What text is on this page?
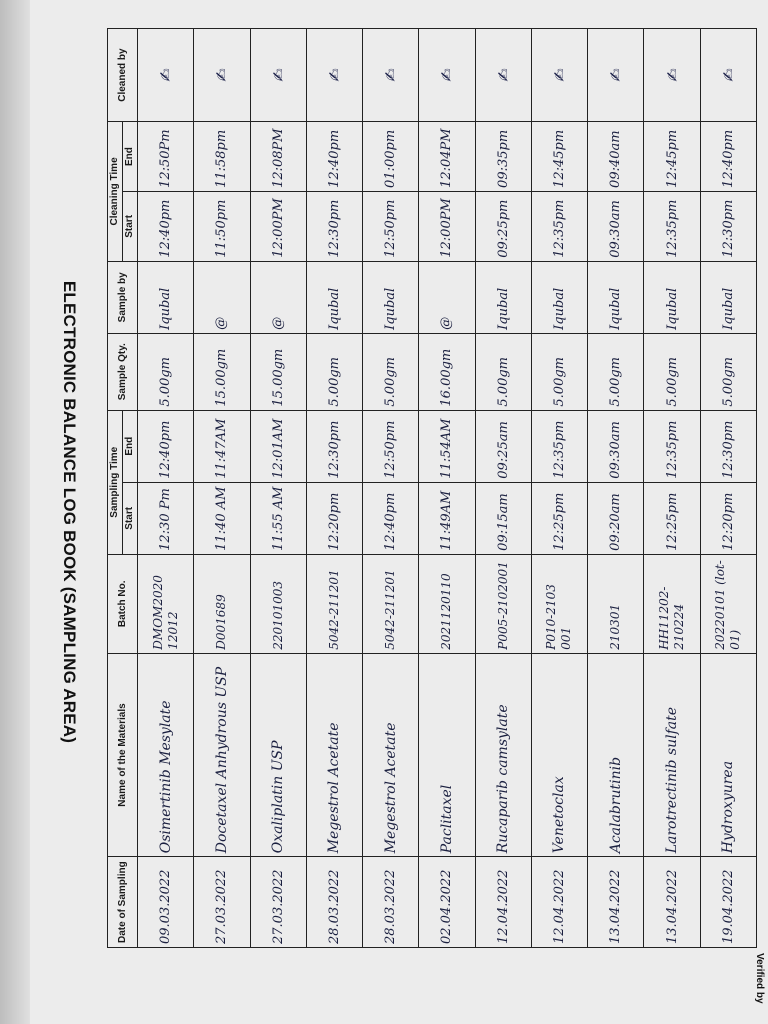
Verified by
Date of Sampling	Name of the Materials	Batch No.	Sampling Time		Sample Qty.	Sample by	Cleaning Time		Cleaned by
			Start	End			Start	End	
09.03.2022	Osimertinib Mesylate	DMOM2020 12012	12:30 Pm	12:40pm	5.00gm	Iqubal	12:40pm	12:50Pm	✍
27.03.2022	Docetaxel Anhydrous USP	D001689	11:40 AM	11:47AM	15.00gm	@	11:50pm	11:58pm	✍
27.03.2022	Oxaliplatin USP	220101003	11:55 AM	12:01AM	15.00gm	@	12:00PM	12:08PM	✍
28.03.2022	Megestrol Acetate	5042-211201	12:20pm	12:30pm	5.00gm	Iqubal	12:30pm	12:40pm	✍
28.03.2022	Megestrol Acetate	5042-211201	12:40pm	12:50pm	5.00gm	Iqubal	12:50pm	01:00pm	✍
02.04.2022	Paclitaxel	2021120110	11:49AM	11:54AM	16.00gm	@	12:00PM	12:04PM	✍
12.04.2022	Rucaparib camsylate	P005-2102001	09:15am	09:25am	5.00gm	Iqubal	09:25pm	09:35pm	✍
12.04.2022	Venetoclax	P010-2103 001	12:25pm	12:35pm	5.00gm	Iqubal	12:35pm	12:45pm	✍
13.04.2022	Acalabrutinib	210301	09:20am	09:30am	5.00gm	Iqubal	09:30am	09:40am	✍
13.04.2022	Larotrectinib sulfate	HH11202-210224	12:25pm	12:35pm	5.00gm	Iqubal	12:35pm	12:45pm	✍
19.04.2022	Hydroxyurea	20220101 (lot-01)	12:20pm	12:30pm	5.00gm	Iqubal	12:30pm	12:40pm	✍
ELECTRONIC BALANCE LOG BOOK (SAMPLING AREA)
